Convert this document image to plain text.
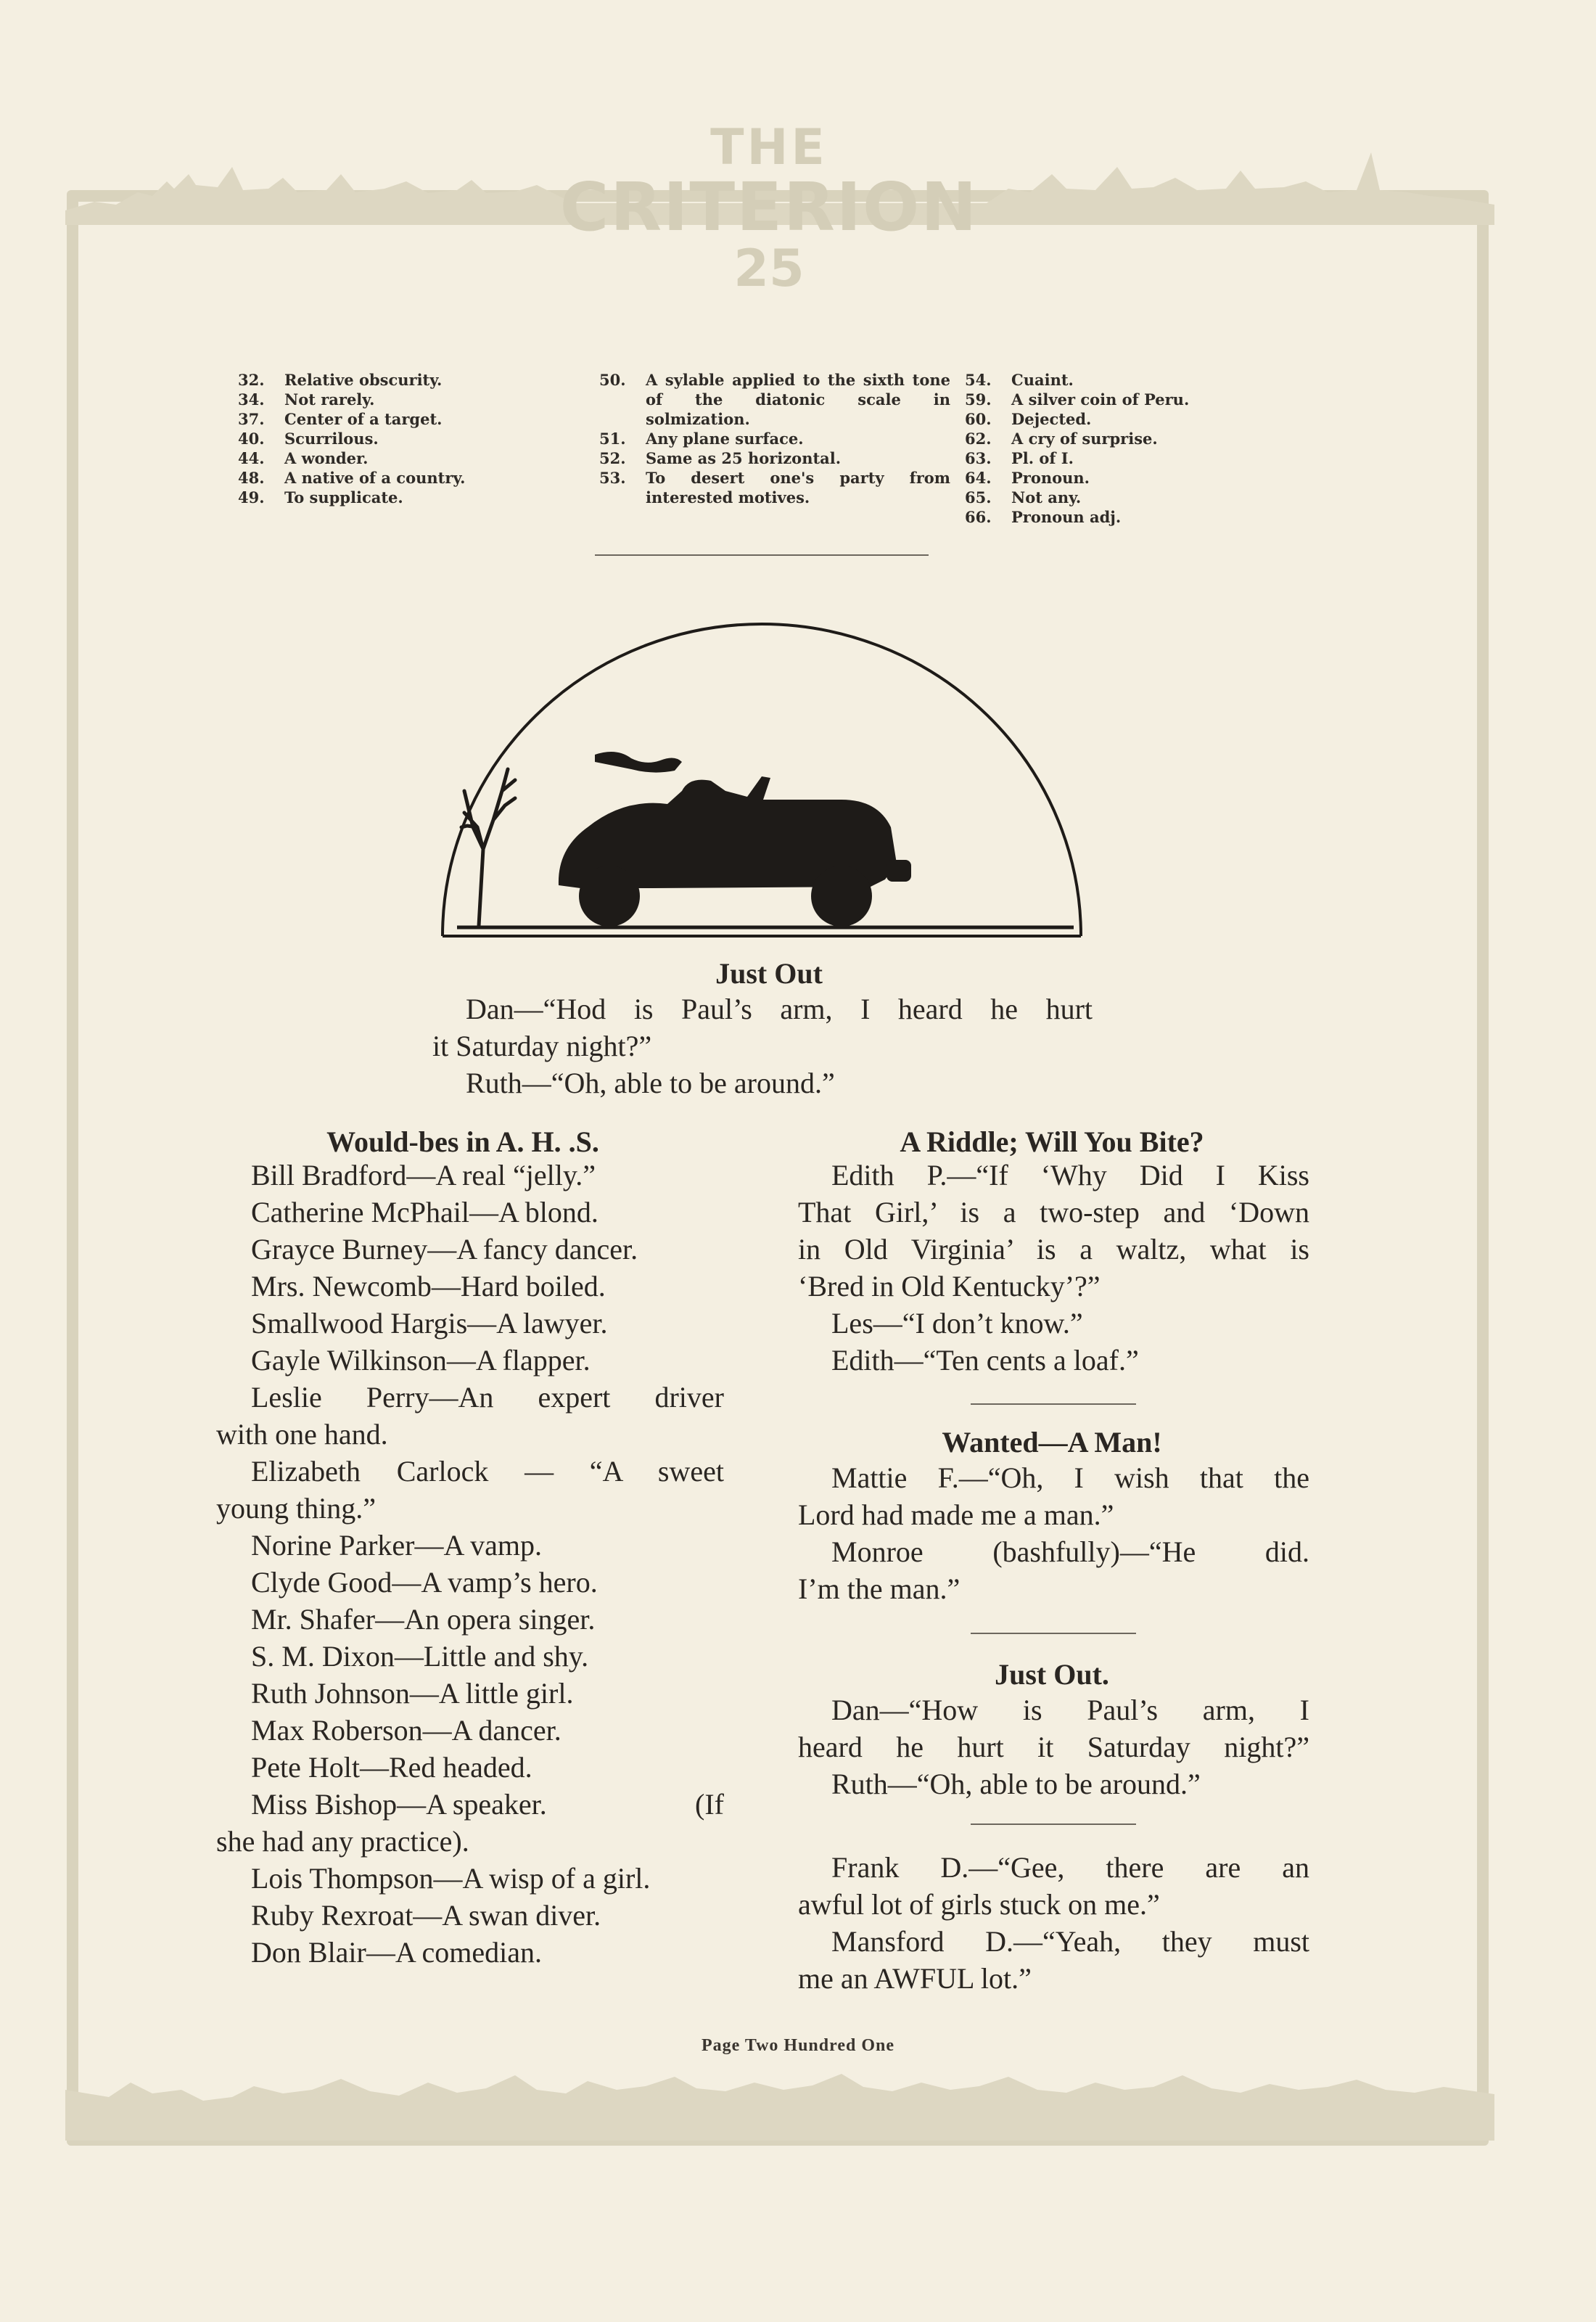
THE
CRITERION
25
32.	Relative obscurity.
34.	Not rarely.
37.	Center of a target.
40.	Scurrilous.
44.	A wonder.
48.	A native of a country.
49.	To supplicate.
50.	A sylable applied to the sixth tone of the diatonic scale in solmization.
51.	Any plane surface.
52.	Same as 25 horizontal.
53.	To desert one's party from interested motives.
54.	Cuaint.
59.	A silver coin of Peru.
60.	Dejected.
62.	A cry of surprise.
63.	Pl. of I.
64.	Pronoun.
65.	Not any.
66.	Pronoun adj.
Just Out
Dan—“Hod is Paul’s arm, I heard he hurt
it Saturday night?”
Ruth—“Oh, able to be around.”
Would-bes in A. H. .S.
Bill Bradford—A real “jelly.”
Catherine McPhail—A blond.
Grayce Burney—A fancy dancer.
Mrs. Newcomb—Hard boiled.
Smallwood Hargis—A lawyer.
Gayle Wilkinson—A flapper.
Leslie Perry—An expert driver
with one hand.
Elizabeth Carlock — “A sweet
young thing.”
Norine Parker—A vamp.
Clyde Good—A vamp’s hero.
Mr. Shafer—An opera singer.
S. M. Dixon—Little and shy.
Ruth Johnson—A little girl.
Max Roberson—A dancer.
Pete Holt—Red headed.
Miss Bishop—A speaker.	(If
she had any practice).
Lois Thompson—A wisp of a girl.
Ruby Rexroat—A swan diver.
Don Blair—A comedian.
A Riddle; Will You Bite?
Edith P.—“If ‘Why Did I Kiss
That Girl,’ is a two-step and ‘Down
in Old Virginia’ is a waltz, what is
‘Bred in Old Kentucky’?”
Les—“I don’t know.”
Edith—“Ten cents a loaf.”
Wanted—A Man!
Mattie F.—“Oh, I wish that the
Lord had made me a man.”
Monroe (bashfully)—“He did.
I’m the man.”
Just Out.
Dan—“How is Paul’s arm, I
heard he hurt it Saturday night?”
Ruth—“Oh, able to be around.”
Frank D.—“Gee, there are an
awful lot of girls stuck on me.”
Mansford D.—“Yeah, they must
me an AWFUL lot.”
Page Two Hundred One
